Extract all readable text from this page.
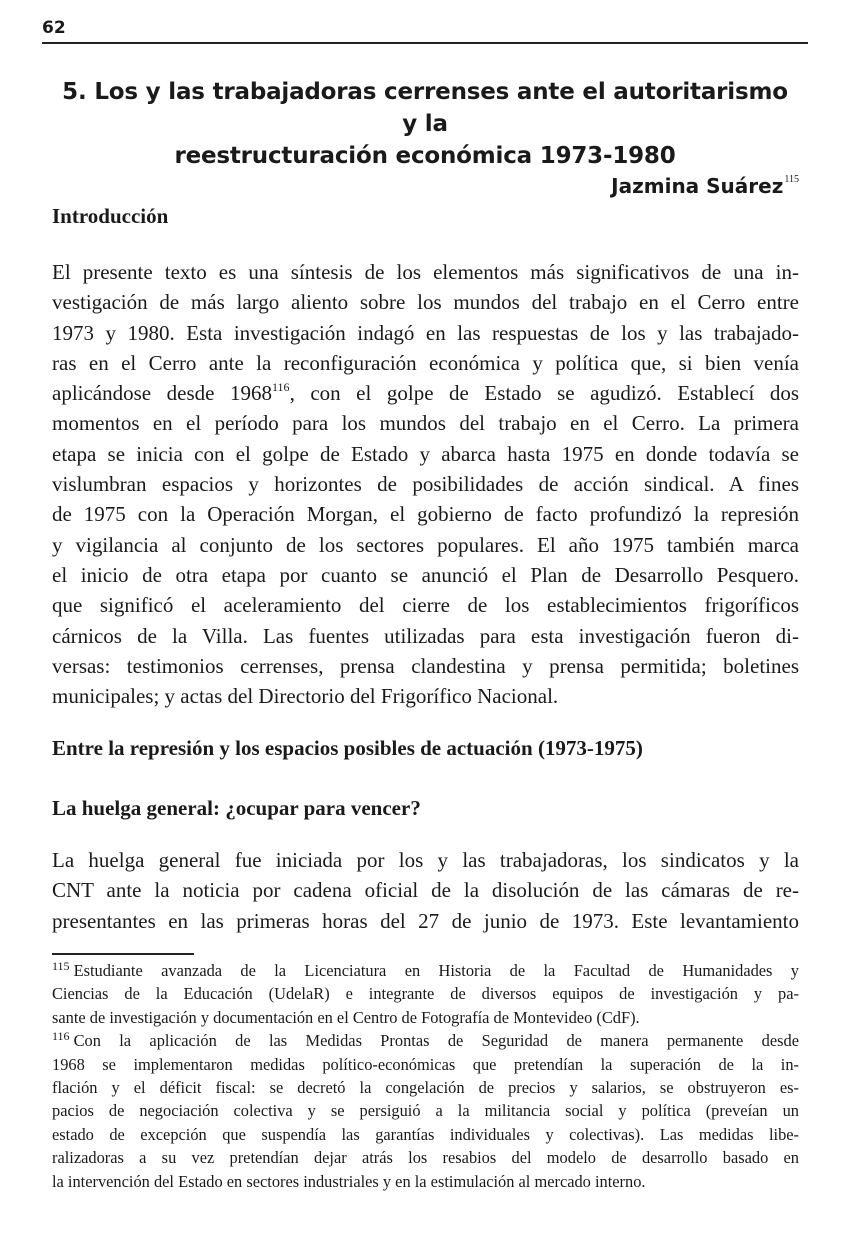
62
5. Los y las trabajadoras cerrenses ante el autoritarismo y la
reestructuración económica 1973-1980
Jazmina Suárez$^{115}$
Introducción
El presente texto es una síntesis de los elementos más significativos de una in-
vestigación de más largo aliento sobre los mundos del trabajo en el Cerro entre
1973 y 1980. Esta investigación indagó en las respuestas de los y las trabajado-
ras en el Cerro ante la reconfiguración económica y política que, si bien venía
aplicándose desde 1968$^{116}$, con el golpe de Estado se agudizó. Establecí dos
momentos en el período para los mundos del trabajo en el Cerro. La primera
etapa se inicia con el golpe de Estado y abarca hasta 1975 en donde todavía se
vislumbran espacios y horizontes de posibilidades de acción sindical. A fines
de 1975 con la Operación Morgan, el gobierno de facto profundizó la represión
y vigilancia al conjunto de los sectores populares. El año 1975 también marca
el inicio de otra etapa por cuanto se anunció el Plan de Desarrollo Pesquero.
que significó el aceleramiento del cierre de los establecimientos frigoríficos
cárnicos de la Villa. Las fuentes utilizadas para esta investigación fueron di-
versas: testimonios cerrenses, prensa clandestina y prensa permitida; boletines
municipales; y actas del Directorio del Frigorífico Nacional.
Entre la represión y los espacios posibles de actuación (1973-1975)
La huelga general: ¿ocupar para vencer?
La huelga general fue iniciada por los y las trabajadoras, los sindicatos y la
CNT ante la noticia por cadena oficial de la disolución de las cámaras de re-
presentantes en las primeras horas del 27 de junio de 1973. Este levantamiento
$^{115}$ Estudiante avanzada de la Licenciatura en Historia de la Facultad de Humanidades y
Ciencias de la Educación (UdelaR) e integrante de diversos equipos de investigación y pa-
sante de investigación y documentación en el Centro de Fotografía de Montevideo (CdF).
$^{116}$ Con la aplicación de las Medidas Prontas de Seguridad de manera permanente desde
1968 se implementaron medidas político-económicas que pretendían la superación de la in-
flación y el déficit fiscal: se decretó la congelación de precios y salarios, se obstruyeron es-
pacios de negociación colectiva y se persiguió a la militancia social y política (preveían un
estado de excepción que suspendía las garantías individuales y colectivas). Las medidas libe-
ralizadoras a su vez pretendían dejar atrás los resabios del modelo de desarrollo basado en
la intervención del Estado en sectores industriales y en la estimulación al mercado interno.
